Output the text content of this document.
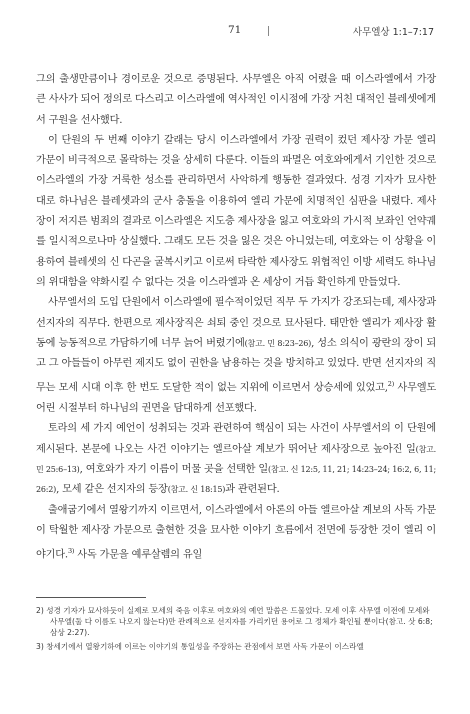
71	사무엘상 1:1–7:17

그의 출생만큼이나 경이로운 것으로 증명된다. 사무엘은 아직 어렸을 때 이스라엘에서 가장 큰 사사가 되어 정의로 다스리고 이스라엘에 역사적인 이시점에 가장 거친 대적인 블레셋에게서 구원을 선사했다.

이 단원의 두 번째 이야기 갈래는 당시 이스라엘에서 가장 권력이 컸던 제사장 가문 엘리 가문이 비극적으로 몰락하는 것을 상세히 다룬다. 이들의 파멸은 여호와에게서 기인한 것으로 이스라엘의 가장 거룩한 성소를 관리하면서 사악하게 행동한 결과였다. 성경 기자가 묘사한 대로 하나님은 블레셋과의 군사 충돌을 이용하여 엘리 가문에 치명적인 심판을 내렸다. 제사장이 저지른 범죄의 결과로 이스라엘은 지도층 제사장을 잃고 여호와의 가시적 보좌인 언약궤를 일시적으로나마 상실했다. 그래도 모든 것을 잃은 것은 아니었는데, 여호와는 이 상황을 이용하여 블레셋의 신 다곤을 굴복시키고 이로써 타락한 제사장도 위협적인 이방 세력도 하나님의 위대함을 약화시킬 수 없다는 것을 이스라엘과 온 세상이 거듭 확인하게 만들었다.

사무엘서의 도입 단원에서 이스라엘에 필수적이었던 직무 두 가지가 강조되는데, 제사장과 선지자의 직무다. 한편으로 제사장직은 쇠퇴 중인 것으로 묘사된다. 태만한 엘리가 제사장 활동에 능동적으로 가담하기에 너무 늙어 버렸기에(참고. 민 8:23–26), 성소 의식이 광란의 장이 되고 그 아들들이 아무런 제지도 없이 권한을 남용하는 것을 방치하고 있었다. 반면 선지자의 직무는 모세 시대 이후 한 번도 도달한 적이 없는 지위에 이르면서 상승세에 있었고,$^{2)}$ 사무엘도 어린 시절부터 하나님의 권면을 담대하게 선포했다.

토라의 세 가지 예언이 성취되는 것과 관련하여 핵심이 되는 사건이 사무엘서의 이 단원에 제시된다. 본문에 나오는 사건 이야기는 엘르아살 계보가 뛰어난 제사장으로 높아진 일(참고. 민 25:6–13), 여호와가 자기 이름이 머물 곳을 선택한 일(참고. 신 12:5, 11, 21; 14:23–24; 16:2, 6, 11; 26:2), 모세 같은 선지자의 등장(참고. 신 18:15)과 관련된다.

출애굽기에서 열왕기까지 이르면서, 이스라엘에서 아론의 아들 엘르아살 계보의 사독 가문이 탁월한 제사장 가문으로 출현한 것을 묘사한 이야기 흐름에서 전면에 등장한 것이 엘리 이야기다.$^{3)}$ 사독 가문을 예루살렘의 유일

2) 성경 기자가 묘사하듯이 실제로 모세의 죽음 이후로 여호와의 예언 말씀은 드물었다. 모세 이후 사무엘 이전에 모세와 사무엘(둘 다 이름도 나오지 않는다)만 관례적으로 선지자를 가리키던 용어로 그 정체가 확인될 뿐이다(참고. 삿 6:8; 삼상 2:27).

3) 창세기에서 열왕기하에 이르는 이야기의 통일성을 주장하는 관점에서 보면 사독 가문이 이스라엘
